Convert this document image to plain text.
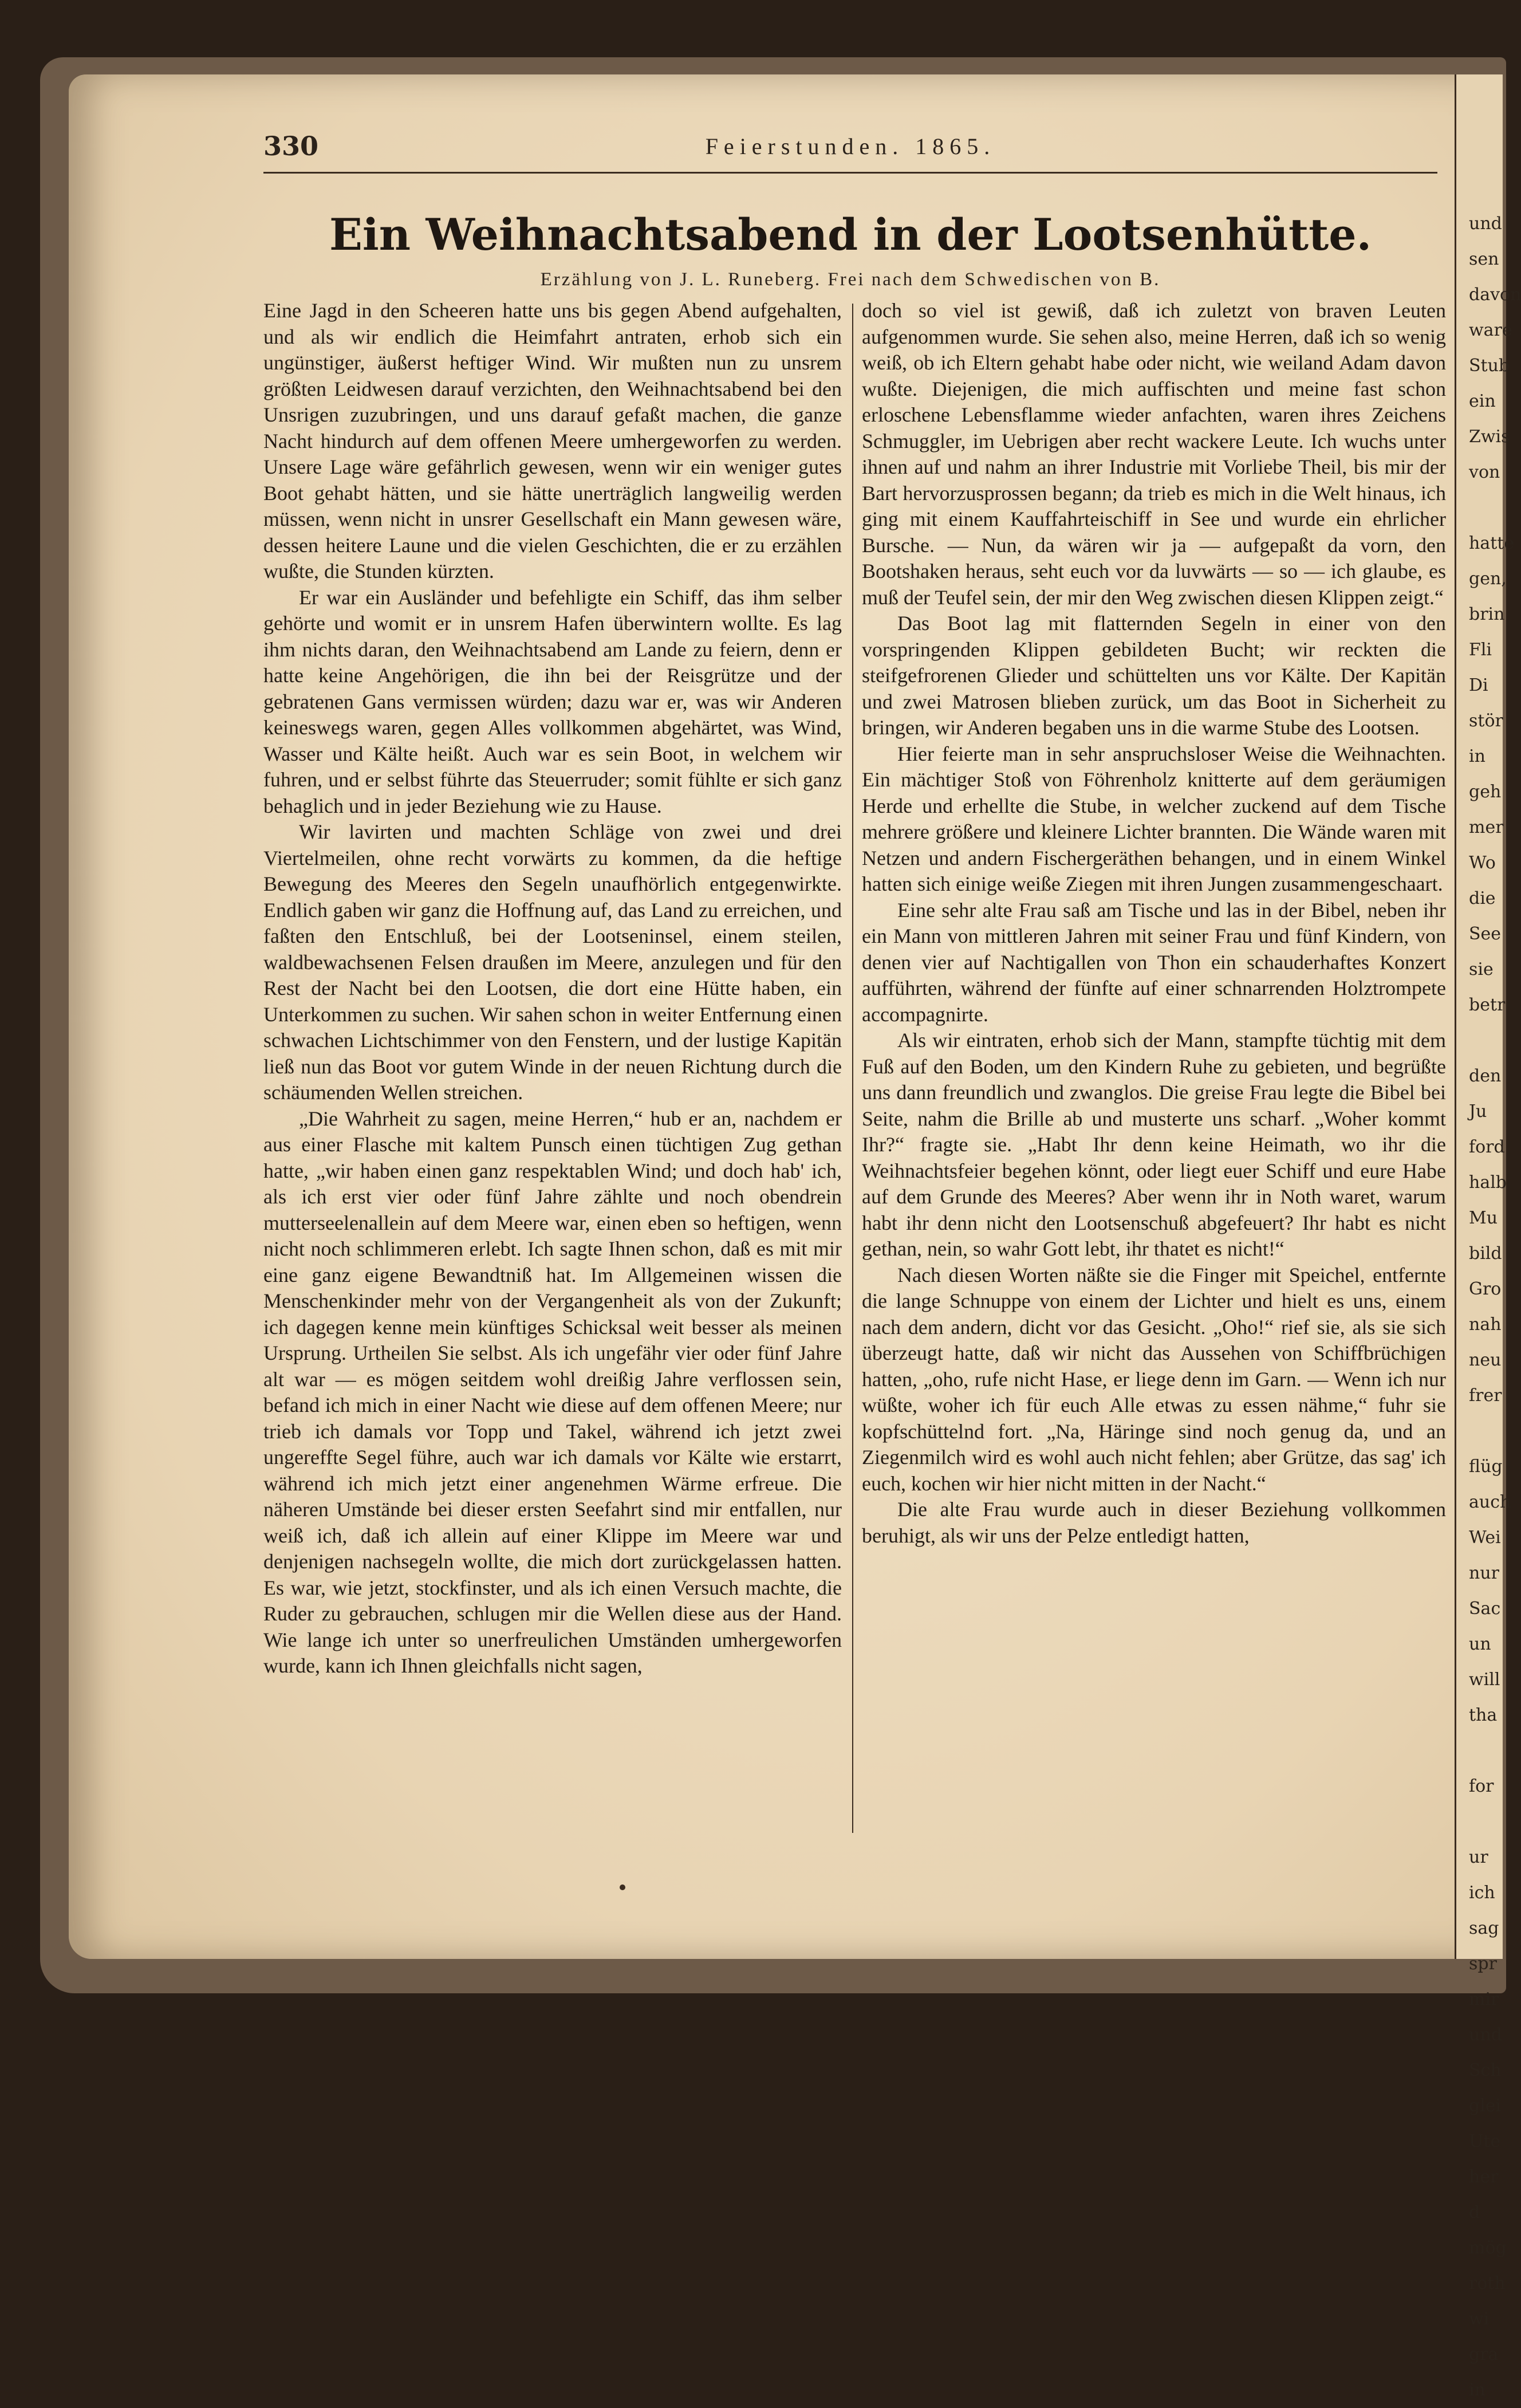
und
sen
davon
ware
Stub
ein
Zwis
von

hatte
gen,
brin
Fli
Di
stör
in
geh
mer
Wo
die
See
sie
betr

den
Ju
ford
halb
Mu
bild
Gro
nah
neu
frer

flüg
auch
Wei
nur
Sac
un
will
tha

for

ur
ich
sag
spr
mir
und
Sch
glei
Ute
her
d
mög
roth
wi
gra
in
330	Feierstunden. 1865.
Ein Weihnachtsabend in der Lootsenhütte.
Erzählung von J. L. Runeberg. Frei nach dem Schwedischen von B.

Eine Jagd in den Scheeren hatte uns bis gegen Abend aufgehalten, und als wir endlich die Heimfahrt antraten, erhob sich ein ungünstiger, äußerst heftiger Wind. Wir mußten nun zu unsrem größten Leidwesen darauf verzichten, den Weihnachtsabend bei den Unsrigen zuzubringen, und uns darauf gefaßt machen, die ganze Nacht hindurch auf dem offenen Meere umhergeworfen zu werden. Unsere Lage wäre gefährlich gewesen, wenn wir ein weniger gutes Boot gehabt hätten, und sie hätte unerträglich langweilig werden müssen, wenn nicht in unsrer Gesellschaft ein Mann gewesen wäre, dessen heitere Laune und die vielen Geschichten, die er zu erzählen wußte, die Stunden kürzten.

Er war ein Ausländer und befehligte ein Schiff, das ihm selber gehörte und womit er in unsrem Hafen überwintern wollte. Es lag ihm nichts daran, den Weihnachtsabend am Lande zu feiern, denn er hatte keine Angehörigen, die ihn bei der Reisgrütze und der gebratenen Gans vermissen würden; dazu war er, was wir Anderen keineswegs waren, gegen Alles vollkommen abgehärtet, was Wind, Wasser und Kälte heißt. Auch war es sein Boot, in welchem wir fuhren, und er selbst führte das Steuerruder; somit fühlte er sich ganz behaglich und in jeder Beziehung wie zu Hause.

Wir lavirten und machten Schläge von zwei und drei Viertelmeilen, ohne recht vorwärts zu kommen, da die heftige Bewegung des Meeres den Segeln unaufhörlich entgegenwirkte. Endlich gaben wir ganz die Hoffnung auf, das Land zu erreichen, und faßten den Entschluß, bei der Lootseninsel, einem steilen, waldbewachsenen Felsen draußen im Meere, anzulegen und für den Rest der Nacht bei den Lootsen, die dort eine Hütte haben, ein Unterkommen zu suchen. Wir sahen schon in weiter Entfernung einen schwachen Lichtschimmer von den Fenstern, und der lustige Kapitän ließ nun das Boot vor gutem Winde in der neuen Richtung durch die schäumenden Wellen streichen.

„Die Wahrheit zu sagen, meine Herren,“ hub er an, nachdem er aus einer Flasche mit kaltem Punsch einen tüchtigen Zug gethan hatte, „wir haben einen ganz respektablen Wind; und doch hab' ich, als ich erst vier oder fünf Jahre zählte und noch obendrein mutterseelenallein auf dem Meere war, einen eben so heftigen, wenn nicht noch schlimmeren erlebt. Ich sagte Ihnen schon, daß es mit mir eine ganz eigene Bewandtniß hat. Im Allgemeinen wissen die Menschenkinder mehr von der Vergangenheit als von der Zukunft; ich dagegen kenne mein künftiges Schicksal weit besser als meinen Ursprung. Urtheilen Sie selbst. Als ich ungefähr vier oder fünf Jahre alt war — es mögen seitdem wohl dreißig Jahre verflossen sein, befand ich mich in einer Nacht wie diese auf dem offenen Meere; nur trieb ich damals vor Topp und Takel, während ich jetzt zwei ungereffte Segel führe, auch war ich damals vor Kälte wie erstarrt, während ich mich jetzt einer angenehmen Wärme erfreue. Die näheren Umstände bei dieser ersten Seefahrt sind mir entfallen, nur weiß ich, daß ich allein auf einer Klippe im Meere war und denjenigen nachsegeln wollte, die mich dort zurückgelassen hatten. Es war, wie jetzt, stockfinster, und als ich einen Versuch machte, die Ruder zu gebrauchen, schlugen mir die Wellen diese aus der Hand. Wie lange ich unter so unerfreulichen Umständen umhergeworfen wurde, kann ich Ihnen gleichfalls nicht sagen,

doch so viel ist gewiß, daß ich zuletzt von braven Leuten aufgenommen wurde. Sie sehen also, meine Herren, daß ich so wenig weiß, ob ich Eltern gehabt habe oder nicht, wie weiland Adam davon wußte. Diejenigen, die mich auffischten und meine fast schon erloschene Lebensflamme wieder anfachten, waren ihres Zeichens Schmuggler, im Uebrigen aber recht wackere Leute. Ich wuchs unter ihnen auf und nahm an ihrer Industrie mit Vorliebe Theil, bis mir der Bart hervorzusprossen begann; da trieb es mich in die Welt hinaus, ich ging mit einem Kauffahrteischiff in See und wurde ein ehrlicher Bursche. — Nun, da wären wir ja — aufgepaßt da vorn, den Bootshaken heraus, seht euch vor da luvwärts — so — ich glaube, es muß der Teufel sein, der mir den Weg zwischen diesen Klippen zeigt.“

Das Boot lag mit flatternden Segeln in einer von den vorspringenden Klippen gebildeten Bucht; wir reckten die steifgefrorenen Glieder und schüttelten uns vor Kälte. Der Kapitän und zwei Matrosen blieben zurück, um das Boot in Sicherheit zu bringen, wir Anderen begaben uns in die warme Stube des Lootsen.

Hier feierte man in sehr anspruchsloser Weise die Weihnachten. Ein mächtiger Stoß von Föhrenholz knitterte auf dem geräumigen Herde und erhellte die Stube, in welcher zuckend auf dem Tische mehrere größere und kleinere Lichter brannten. Die Wände waren mit Netzen und andern Fischergeräthen behangen, und in einem Winkel hatten sich einige weiße Ziegen mit ihren Jungen zusammengeschaart.

Eine sehr alte Frau saß am Tische und las in der Bibel, neben ihr ein Mann von mittleren Jahren mit seiner Frau und fünf Kindern, von denen vier auf Nachtigallen von Thon ein schauderhaftes Konzert aufführten, während der fünfte auf einer schnarrenden Holztrompete accompagnirte.

Als wir eintraten, erhob sich der Mann, stampfte tüchtig mit dem Fuß auf den Boden, um den Kindern Ruhe zu gebieten, und begrüßte uns dann freundlich und zwanglos. Die greise Frau legte die Bibel bei Seite, nahm die Brille ab und musterte uns scharf. „Woher kommt Ihr?“ fragte sie. „Habt Ihr denn keine Heimath, wo ihr die Weihnachtsfeier begehen könnt, oder liegt euer Schiff und eure Habe auf dem Grunde des Meeres? Aber wenn ihr in Noth waret, warum habt ihr denn nicht den Lootsenschuß abgefeuert? Ihr habt es nicht gethan, nein, so wahr Gott lebt, ihr thatet es nicht!“

Nach diesen Worten näßte sie die Finger mit Speichel, entfernte die lange Schnuppe von einem der Lichter und hielt es uns, einem nach dem andern, dicht vor das Gesicht. „Oho!“ rief sie, als sie sich überzeugt hatte, daß wir nicht das Aussehen von Schiffbrüchigen hatten, „oho, rufe nicht Hase, er liege denn im Garn. — Wenn ich nur wüßte, woher ich für euch Alle etwas zu essen nähme,“ fuhr sie kopfschüttelnd fort. „Na, Häringe sind noch genug da, und an Ziegenmilch wird es wohl auch nicht fehlen; aber Grütze, das sag' ich euch, kochen wir hier nicht mitten in der Nacht.“

Die alte Frau wurde auch in dieser Beziehung vollkommen beruhigt, als wir uns der Pelze entledigt hatten,
